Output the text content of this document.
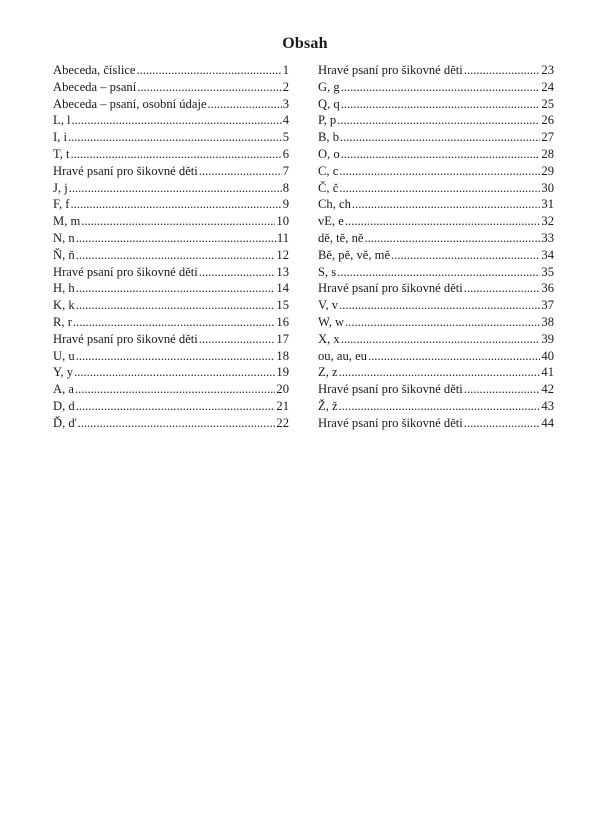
Obsah
Abeceda, číslice .....	1
Abeceda – psaní .....	2
Abeceda – psaní, osobní údaje .....	3
L, l .....	4
I, i .....	5
T, t .....	6
Hravé psaní pro šikovné děti .....	7
J, j .....	8
F, f .....	9
M, m .....	10
N, n .....	11
Ň, ň .....	12
Hravé psaní pro šikovné děti .....	13
H, h .....	14
K, k .....	15
R, r .....	16
Hravé psaní pro šikovné děti .....	17
U, u .....	18
Y, y .....	19
A, a .....	20
D, d .....	21
Ď, ď .....	22
Hravé psaní pro šikovné děti .....	23
G, g .....	24
Q, q .....	25
P, p .....	26
B, b .....	27
O, o .....	28
C, c .....	29
Č, č .....	30
Ch, ch .....	31
vE, e .....	32
dě, tě, ně .....	33
Bě, pě, vě, mě .....	34
S, s .....	35
Hravé psaní pro šikovné děti .....	36
V, v .....	37
W, w .....	38
X, x .....	39
ou, au, eu .....	40
Z, z .....	41
Hravé psaní pro šikovné děti .....	42
Ž, ž .....	43
Hravé psaní pro šikovné děti .....	44
